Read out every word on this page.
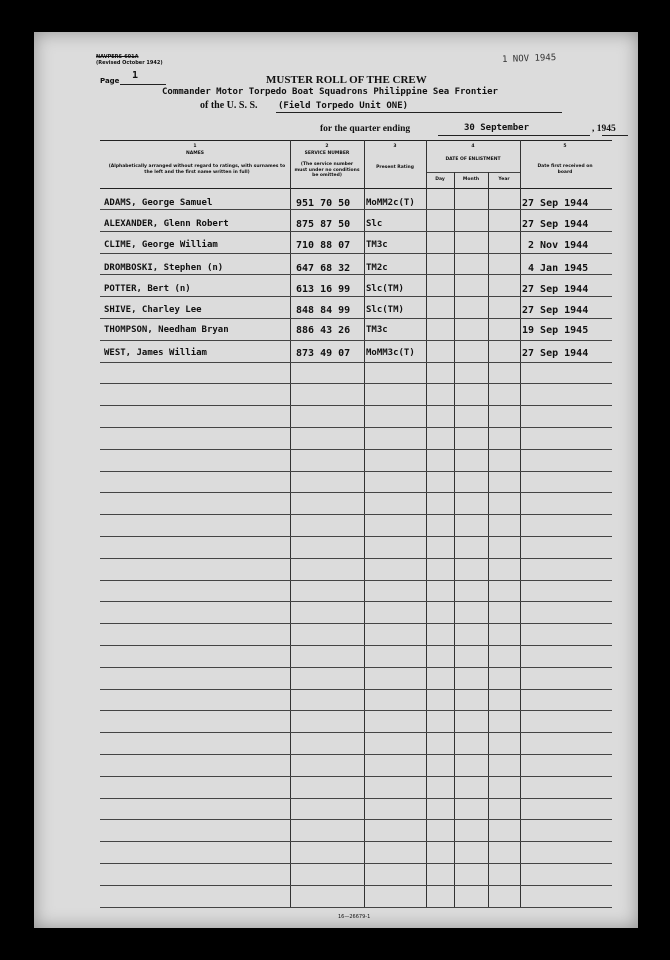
NAVPERS-601A
(Revised October 1942)
Page 1
1 NOV 1945
MUSTER ROLL OF THE CREW
Commander Motor Torpedo Boat Squadrons Philippine Sea Frontier
of the U. S. S. (Field Torpedo Unit ONE)
for the quarter ending	30 September	, 1945
1
NAMES
(Alphabetically arranged without regard to ratings, with surnames to the left and the first name written in full)
2
SERVICE NUMBER
(The service number must under no conditions be omitted)
3
Present Rating
4
DATE OF ENLISTMENT
Day	Month	Year
5
Date first received on board
ADAMS, George Samuel	951 70 50 MoMM2c(T)	27 Sep 1944
ALEXANDER, Glenn Robert	875 87 50 Slc	27 Sep 1944
CLIME, George William	710 88 07 TM3c	2 Nov 1944
DROMBOSKI, Stephen (n)	647 68 32 TM2c	4 Jan 1945
POTTER, Bert (n)	613 16 99 Slc(TM)	27 Sep 1944
SHIVE, Charley Lee	848 84 99 Slc(TM)	27 Sep 1944
THOMPSON, Needham Bryan	886 43 26 TM3c	19 Sep 1945
WEST, James William	873 49 07 MoMM3c(T)	27 Sep 1944
16—26679-1
